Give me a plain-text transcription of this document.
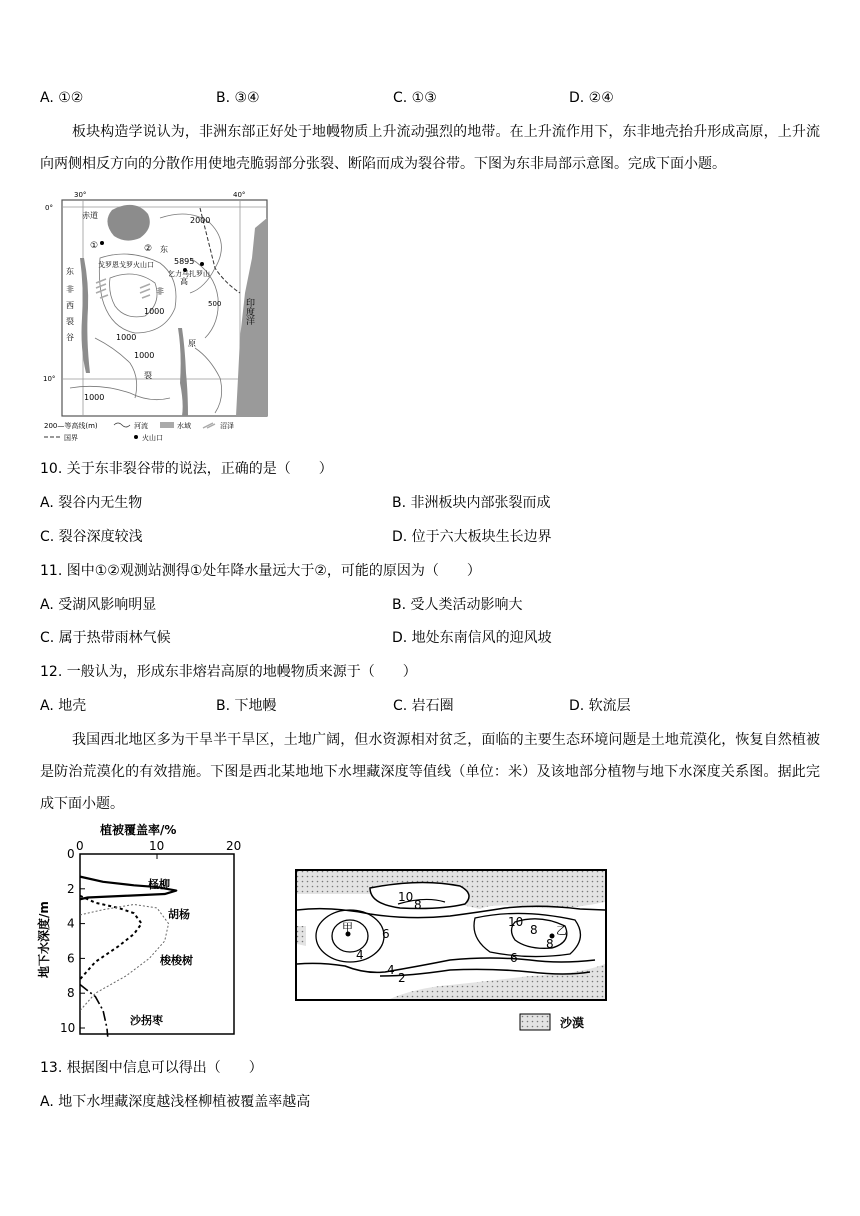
A. ①②	B. ③④	C. ①③	D. ②④
板块构造学说认为，非洲东部正好处于地幔物质上升流动强烈的地带。在上升流作用下，东非地壳抬升形成高原，上升流向两侧相反方向的分散作用使地壳脆弱部分张裂、断陷而成为裂谷带。下图为东非局部示意图。完成下面小题。
30°	40°
0°
10°
赤道
2000
①	② 东
5895
戈罗恩戈罗火山口
乞力马扎罗山
东
高
非
非
西
裂
谷
500
1000
1000
1000
原
裂
1000
印度洋
200—等高线(m)	河流	水域	沼泽
国界	火山口
10. 关于东非裂谷带的说法，正确的是（　　）
A. 裂谷内无生物	B. 非洲板块内部张裂而成
C. 裂谷深度较浅	D. 位于六大板块生长边界
11. 图中①②观测站测得①处年降水量远大于②，可能的原因为（　　）
A. 受湖风影响明显	B. 受人类活动影响大
C. 属于热带雨林气候	D. 地处东南信风的迎风坡
12. 一般认为，形成东非熔岩高原的地幔物质来源于（　　）
A. 地壳	B. 下地幔	C. 岩石圈	D. 软流层
我国西北地区多为干旱半干旱区，土地广阔，但水资源相对贫乏，面临的主要生态环境问题是土地荒漠化，恢复自然植被是防治荒漠化的有效措施。下图是西北某地地下水埋藏深度等值线（单位：米）及该地部分植物与地下水深度关系图。据此完成下面小题。
植被覆盖率/%
地下水深度/m
0	10	20
0
2
4
6
8
10
柽柳
胡杨
梭梭树
沙拐枣
10
8
10
8
6
8
6
4
4
2
甲	乙
沙漠
13. 根据图中信息可以得出（　　）
A. 地下水埋藏深度越浅柽柳植被覆盖率越高
